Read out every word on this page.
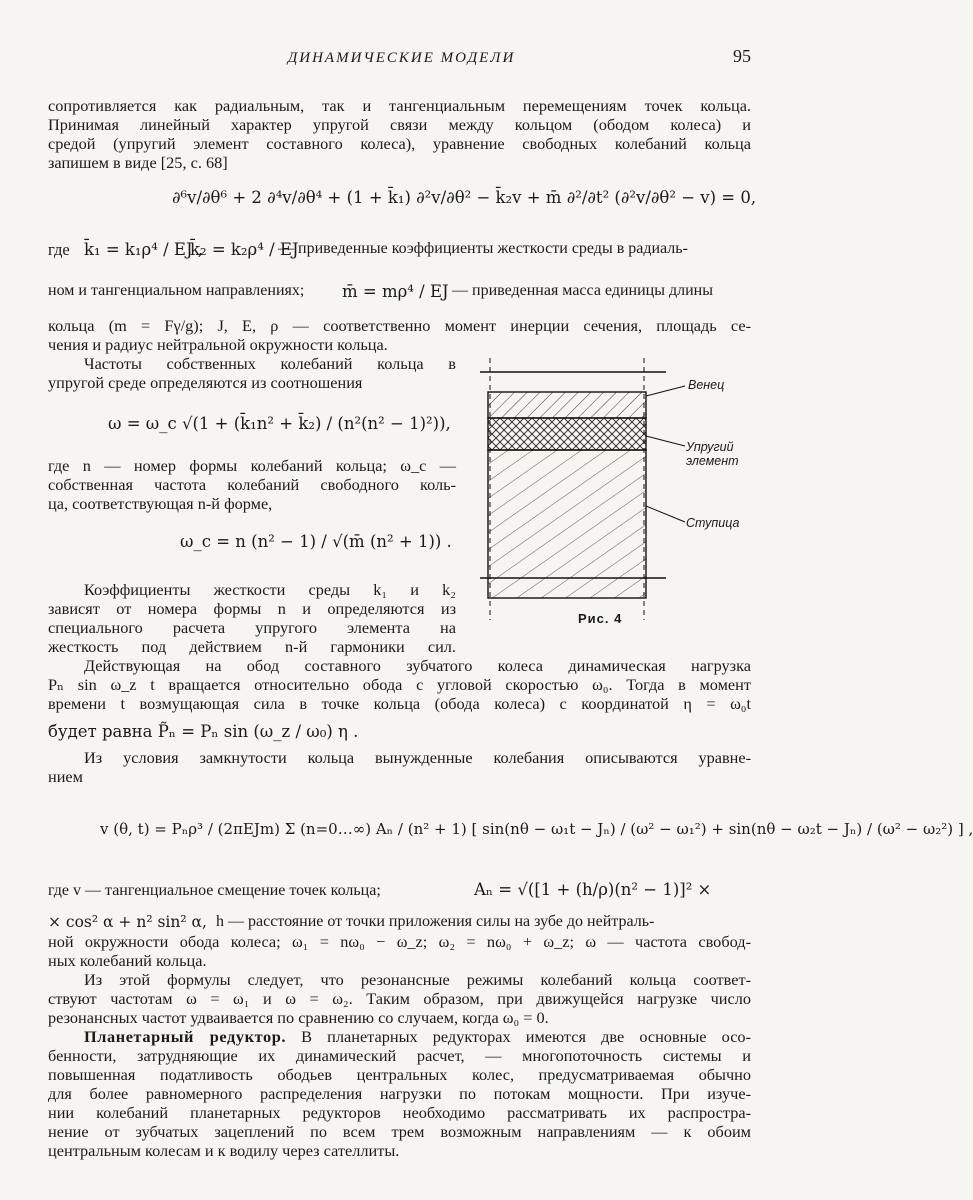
ДИНАМИЧЕСКИЕ МОДЕЛИ	95
сопротивляется как радиальным, так и тангенциальным перемещениям точек кольца.
Принимая линейный характер упругой связи между кольцом (ободом колеса) и
средой (упругий элемент составного колеса), уравнение свободных колебаний кольца
запишем в виде [25, с. 68]
∂⁶v/∂θ⁶ + 2 ∂⁴v/∂θ⁴ + (1 + k̄₁) ∂²v/∂θ² − k̄₂v + m̄ ∂²/∂t² (∂²v/∂θ² − v) = 0,
где k̄₁ = k₁ρ⁴ / EJ ,
k̄₂ = k₂ρ⁴ / EJ
— приведенные коэффициенты жесткости среды в радиаль-
ном и тангенциальном направлениях; m̄ = mρ⁴ / EJ — приведенная масса единицы длины
кольца (m = Fγ/g); J, E, ρ — соответственно момент инерции сечения, площадь се-
чения и радиус нейтральной окружности кольца.
Частоты собственных колебаний кольца в
упругой среде определяются из соотношения
ω = ω_c √(1 + (k̄₁n² + k̄₂) / (n²(n² − 1)²)),
где n — номер формы колебаний кольца; ω_c —
собственная частота колебаний свободного коль-
ца, соответствующая n-й форме,
ω_c = n (n² − 1) / √(m̄ (n² + 1)) .
Коэффициенты жесткости среды k₁ и k₂
зависят от номера формы n и определяются из
специального расчета упругого элемента на
жесткость под действием n-й гармоники сил.
Венец
Упругий
элемент
Ступица
Рис. 4
Действующая на обод составного зубчатого колеса динамическая нагрузка
Pₙ sin ω_z t вращается относительно обода с угловой скоростью ω₀. Тогда в момент
времени t возмущающая сила в точке кольца (обода колеса) с координатой η = ω₀t
будет равна P̃ₙ = Pₙ sin (ω_z / ω₀) η .
Из условия замкнутости кольца вынужденные колебания описываются уравне-
нием
v (θ, t) = Pₙρ³ / (2πEJm) Σ (n=0…∞) Aₙ / (n² + 1) [ sin(nθ − ω₁t − Jₙ) / (ω² − ω₁²) + sin(nθ − ω₂t − Jₙ) / (ω² − ω₂²) ] ,
где v — тангенциальное смещение точек кольца;	Aₙ = √([1 + (h/ρ)(n² − 1)]² ×
× cos² α + n² sin² α, h — расстояние от точки приложения силы на зубе до нейтраль-
ной окружности обода колеса; ω₁ = nω₀ − ω_z; ω₂ = nω₀ + ω_z; ω — частота свобод-
ных колебаний кольца.
Из этой формулы следует, что резонансные режимы колебаний кольца соответ-
ствуют частотам ω = ω₁ и ω = ω₂. Таким образом, при движущейся нагрузке число
резонансных частот удваивается по сравнению со случаем, когда ω₀ = 0.
Планетарный редуктор. В планетарных редукторах имеются две основные осо-
бенности, затрудняющие их динамический расчет, — многопоточность системы и
повышенная податливость ободьев центральных колес, предусматриваемая обычно
для более равномерного распределения нагрузки по потокам мощности. При изуче-
нии колебаний планетарных редукторов необходимо рассматривать их распростра-
нение от зубчатых зацеплений по всем трем возможным направлениям — к обоим
центральным колесам и к водилу через сателлиты.
